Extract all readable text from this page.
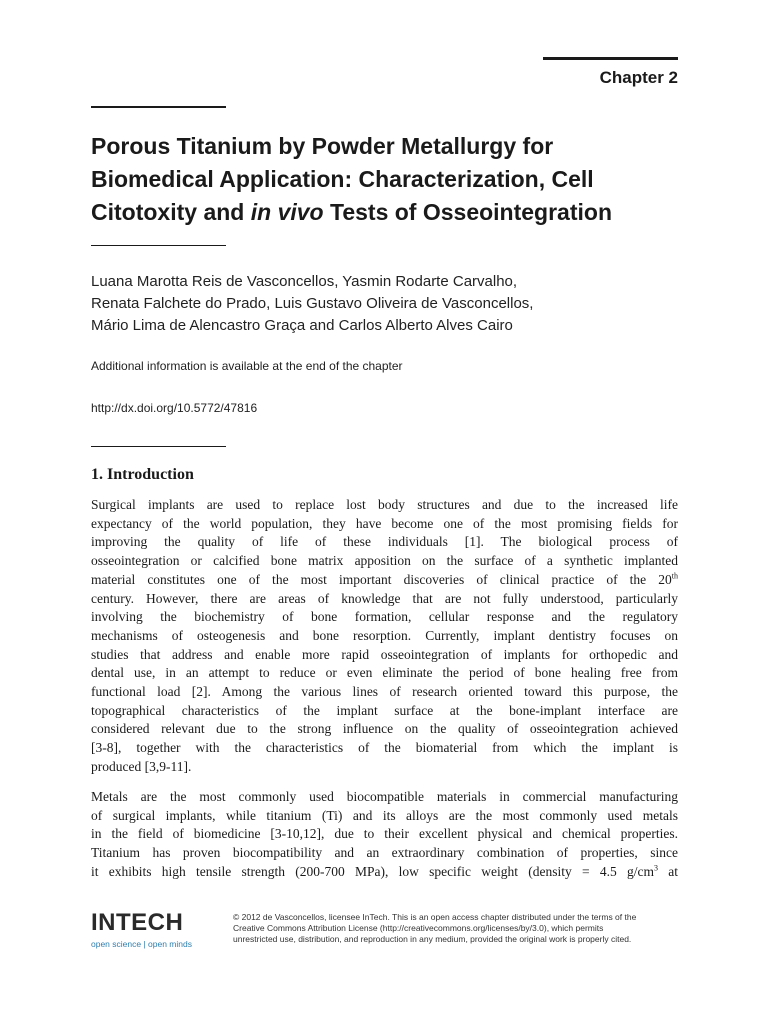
Chapter 2
Porous Titanium by Powder Metallurgy for
Biomedical Application: Characterization, Cell
Citotoxity and in vivo Tests of Osseointegration
Luana Marotta Reis de Vasconcellos, Yasmin Rodarte Carvalho,
Renata Falchete do Prado, Luis Gustavo Oliveira de Vasconcellos,
Mário Lima de Alencastro Graça and Carlos Alberto Alves Cairo
Additional information is available at the end of the chapter
http://dx.doi.org/10.5772/47816
1. Introduction
Surgical implants are used to replace lost body structures and due to the increased life
expectancy of the world population, they have become one of the most promising fields for
improving the quality of life of these individuals [1]. The biological process of
osseointegration or calcified bone matrix apposition on the surface of a synthetic implanted
material constitutes one of the most important discoveries of clinical practice of the 20th
century. However, there are areas of knowledge that are not fully understood, particularly
involving the biochemistry of bone formation, cellular response and the regulatory
mechanisms of osteogenesis and bone resorption. Currently, implant dentistry focuses on
studies that address and enable more rapid osseointegration of implants for orthopedic and
dental use, in an attempt to reduce or even eliminate the period of bone healing free from
functional load [2]. Among the various lines of research oriented toward this purpose, the
topographical characteristics of the implant surface at the bone-implant interface are
considered relevant due to the strong influence on the quality of osseointegration achieved
[3-8], together with the characteristics of the biomaterial from which the implant is
produced [3,9-11].
Metals are the most commonly used biocompatible materials in commercial manufacturing
of surgical implants, while titanium (Ti) and its alloys are the most commonly used metals
in the field of biomedicine [3-10,12], due to their excellent physical and chemical properties.
Titanium has proven biocompatibility and an extraordinary combination of properties, since
it exhibits high tensile strength (200-700 MPa), low specific weight (density = 4.5 $g/cm^3$ at
INTECH
open science | open minds
© 2012 de Vasconcellos, licensee InTech. This is an open access chapter distributed under the terms of the
Creative Commons Attribution License (http://creativecommons.org/licenses/by/3.0), which permits
unrestricted use, distribution, and reproduction in any medium, provided the original work is properly cited.
